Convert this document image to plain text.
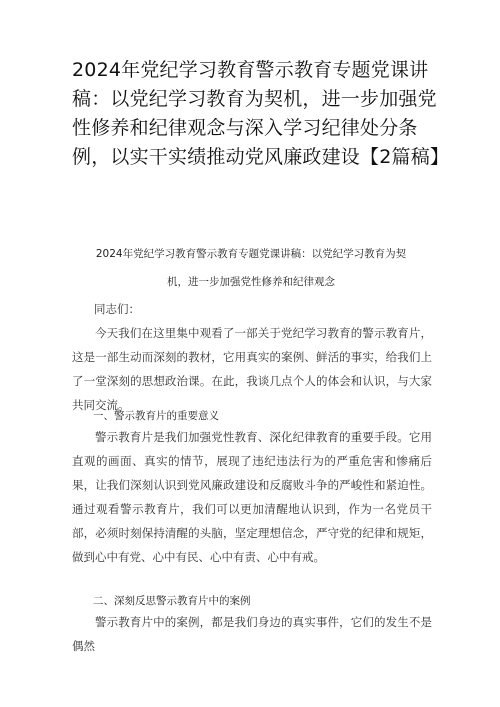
2024年党纪学习教育警示教育专题党课讲稿：以党纪学习教育为契机，进一步加强党性修养和纪律观念与深入学习纪律处分条例，以实干实绩推动党风廉政建设【2篇稿】

2024年党纪学习教育警示教育专题党课讲稿：以党纪学习教育为契

机，进一步加强党性修养和纪律观念

同志们：

今天我们在这里集中观看了一部关于党纪学习教育的警示教育片，这是一部生动而深刻的教材，它用真实的案例、鲜活的事实，给我们上了一堂深刻的思想政治课。在此，我谈几点个人的体会和认识，与大家共同交流。

一、警示教育片的重要意义

警示教育片是我们加强党性教育、深化纪律教育的重要手段。它用直观的画面、真实的情节，展现了违纪违法行为的严重危害和惨痛后果，让我们深刻认识到党风廉政建设和反腐败斗争的严峻性和紧迫性。通过观看警示教育片，我们可以更加清醒地认识到，作为一名党员干部，必须时刻保持清醒的头脑，坚定理想信念，严守党的纪律和规矩，做到心中有党、心中有民、心中有责、心中有戒。

二、深刻反思警示教育片中的案例

警示教育片中的案例，都是我们身边的真实事件，它们的发生不是偶然
